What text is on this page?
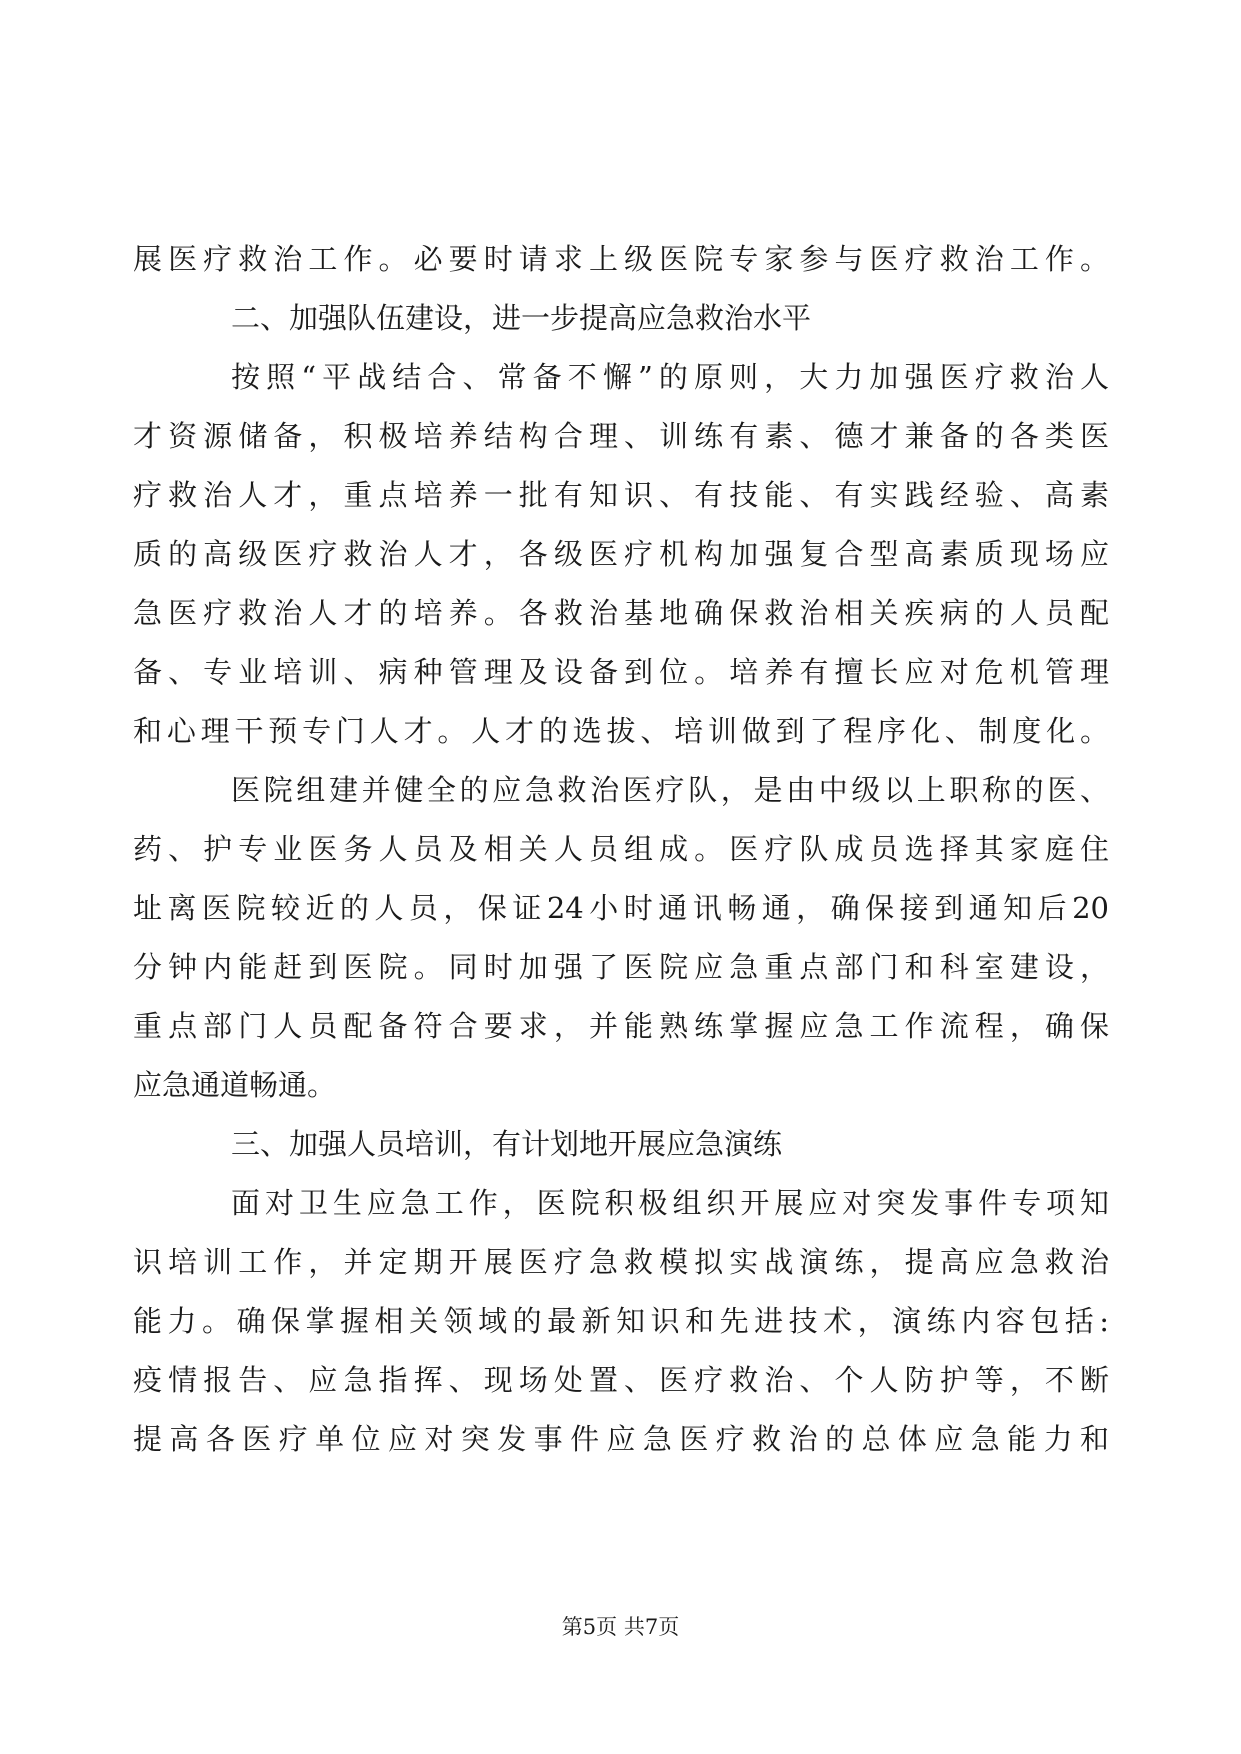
展医疗救治工作。必要时请求上级医院专家参与医疗救治工作。
二、加强队伍建设，进一步提高应急救治水平
按照“平战结合、常备不懈”的原则，大力加强医疗救治人
才资源储备，积极培养结构合理、训练有素、德才兼备的各类医
疗救治人才，重点培养一批有知识、有技能、有实践经验、高素
质的高级医疗救治人才，各级医疗机构加强复合型高素质现场应
急医疗救治人才的培养。各救治基地确保救治相关疾病的人员配
备、专业培训、病种管理及设备到位。培养有擅长应对危机管理
和心理干预专门人才。人才的选拔、培训做到了程序化、制度化。
医院组建并健全的应急救治医疗队，是由中级以上职称的医、
药、护专业医务人员及相关人员组成。医疗队成员选择其家庭住
址离医院较近的人员，保证24小时通讯畅通，确保接到通知后20
分钟内能赶到医院。同时加强了医院应急重点部门和科室建设，
重点部门人员配备符合要求，并能熟练掌握应急工作流程，确保
应急通道畅通。
三、加强人员培训，有计划地开展应急演练
面对卫生应急工作，医院积极组织开展应对突发事件专项知
识培训工作，并定期开展医疗急救模拟实战演练，提高应急救治
能力。确保掌握相关领域的最新知识和先进技术，演练内容包括:
疫情报告、应急指挥、现场处置、医疗救治、个人防护等，不断
提高各医疗单位应对突发事件应急医疗救治的总体应急能力和
第5页 共7页
